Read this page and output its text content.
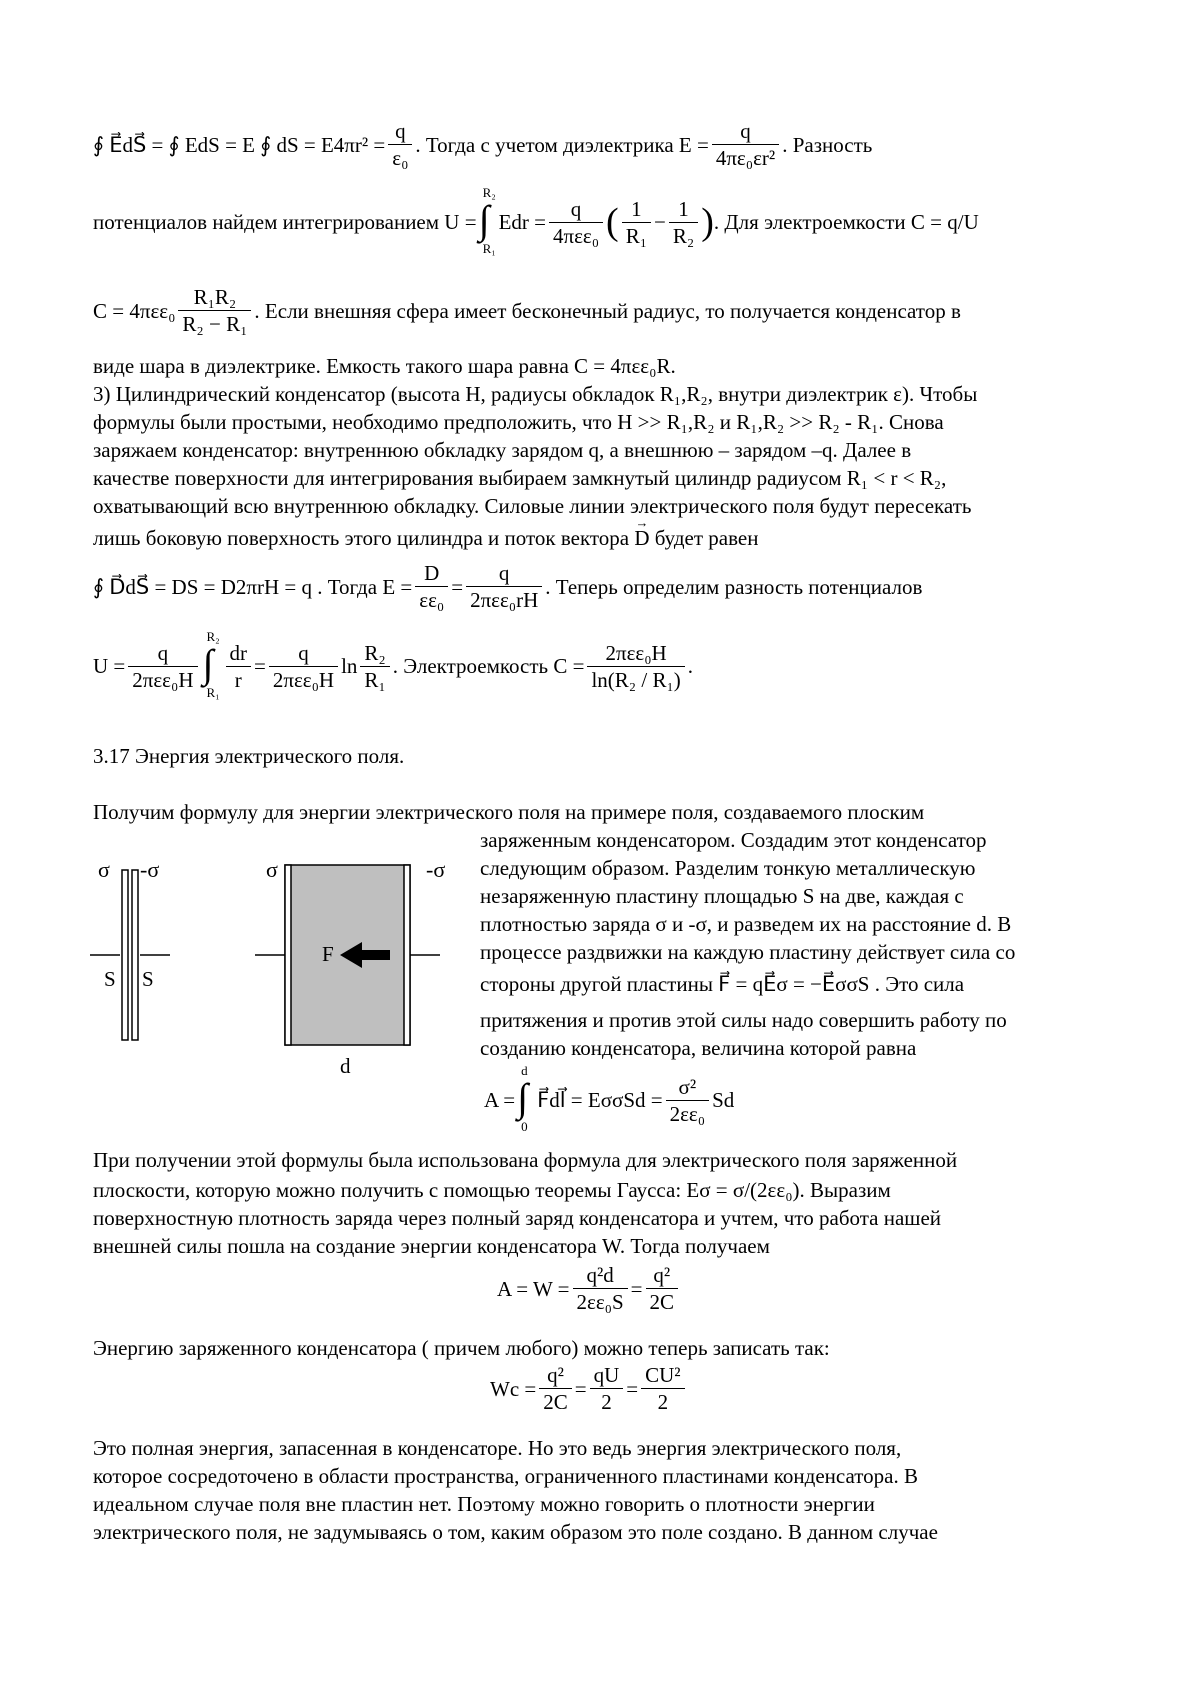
∮ E⃗dS⃗ = ∮ EdS = E ∮ dS = $E4\pi r^2 = \frac{q}{\text{ε₀}}$ . Тогда с учетом диэлектрика $E = \frac{q}{\text{4πε₀εr²}}$ . Разность
потенциалов найдем интегрированием U =
R₂
∫
R₁
Edr = $\frac{q}{\text{4πεε₀}}$ ( $\frac{1}{\text{R₁}} - \frac{1}{\text{R₂}}$ ) . Для электроемкости С = q/U
$C = 4\pi\varepsilon\varepsilon_0 \frac{\text{R₁R₂}}{\text{R₂ − R₁}}$ . Если внешняя сфера имеет бесконечный радиус, то получается конденсатор в
виде шара в диэлектрике. Емкость такого шара равна С = 4πεε₀R.
3) Цилиндрический конденсатор (высота H, радиусы обкладок R₁,R₂, внутри диэлектрик ε). Чтобы
формулы были простыми, необходимо предположить, что H >> R₁,R₂ и R₁,R₂ >> R₂ - R₁. Снова
заряжаем конденсатор: внутреннюю обкладку зарядом q, а внешнюю – зарядом –q. Далее в
качестве поверхности для интегрирования выбираем замкнутый цилиндр радиусом R₁ < r < R₂,
охватывающий всю внутреннюю обкладку. Силовые линии электрического поля будут пересекать
лишь боковую поверхность этого цилиндра и поток вектора → D будет равен
∮ D⃗dS⃗ = DS = D2πrH = q . Тогда $E = \frac{D}{\text{εε₀}} = \frac{q}{\text{2πεε₀rH}}$ . Теперь определим разность потенциалов
$U = \frac{q}{\text{2πεε₀H}}$
R₂
∫
$R_1 \frac{dr}{r} = \frac{q}{\text{2πεε₀H}}$ $\ln \frac{\text{R₂}}{\text{R₁}}$ . Электроемкость $С = \frac{\text{2πεε₀H}}{\text{ln(R₂ / R₁)}}$ .
3.17 Энергия электрического поля.
Получим формулу для энергии электрического поля на примере поля, создаваемого плоским
заряженным конденсатором. Создадим этот конденсатор
следующим образом. Разделим тонкую металлическую
незаряженную пластину площадью S на две, каждая с
плотностью заряда σ и -σ, и разведем их на расстояние d. В
процессе раздвижки на каждую пластину действует сила со
стороны другой пластины F⃗ = qE⃗σ = −E⃗σσS . Это сила
притяжения и против этой силы надо совершить работу по
созданию конденсатора, величина которой равна
A =
d
∫
0
F⃗dl⃗ = $E\sigma\sigma Sd = \frac{\text{σ²}}{\text{2εε₀}}$ Sd
σ -σ
S S
σ	-σ
F
d
При получении этой формулы была использована формула для электрического поля заряженной
плоскости, которую можно получить с помощью теоремы Гаусса: Eσ = σ/(2εε₀). Выразим
поверхностную плотность заряда через полный заряд конденсатора и учтем, что работа нашей
внешней силы пошла на создание энергии конденсатора W. Тогда получаем
$A = W = \frac{\text{q²d}}{\text{2εε₀S}} = \frac{\text{q²}}{2C}$
Энергию заряженного конденсатора ( причем любого) можно теперь записать так:
$Wc = \frac{\text{q²}}{2C} = \frac{qU}{2} = \frac{\text{CU²}}{2}$
Это полная энергия, запасенная в конденсаторе. Но это ведь энергия электрического поля,
которое сосредоточено в области пространства, ограниченного пластинами конденсатора. В
идеальном случае поля вне пластин нет. Поэтому можно говорить о плотности энергии
электрического поля, не задумываясь о том, каким образом это поле создано. В данном случае
